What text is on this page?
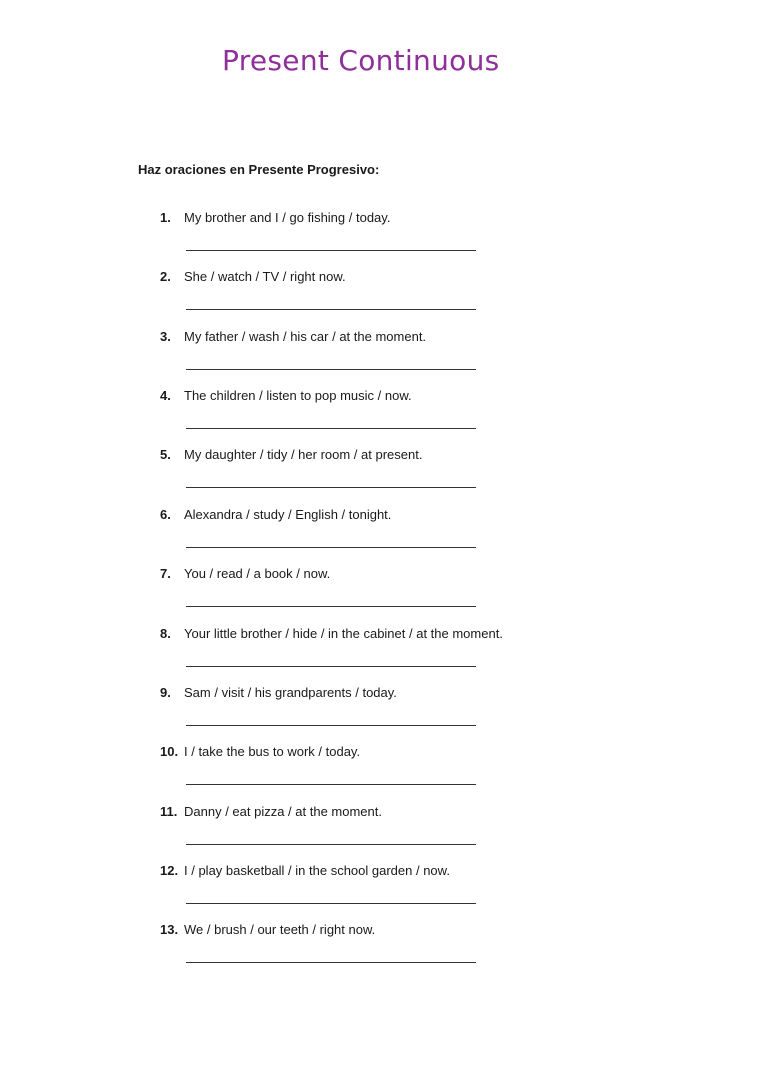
Present Continuous
Haz oraciones en Presente Progresivo:
1. My brother and I / go fishing / today.
2. She / watch / TV / right now.
3. My father / wash / his car / at the moment.
4. The children / listen to pop music / now.
5. My daughter / tidy / her room / at present.
6. Alexandra / study / English / tonight.
7. You / read / a book / now.
8. Your little brother / hide / in the cabinet / at the moment.
9. Sam / visit / his grandparents / today.
10. I / take the bus to work / today.
11. Danny / eat pizza / at the moment.
12. I / play basketball / in the school garden / now.
13. We / brush / our teeth / right now.
